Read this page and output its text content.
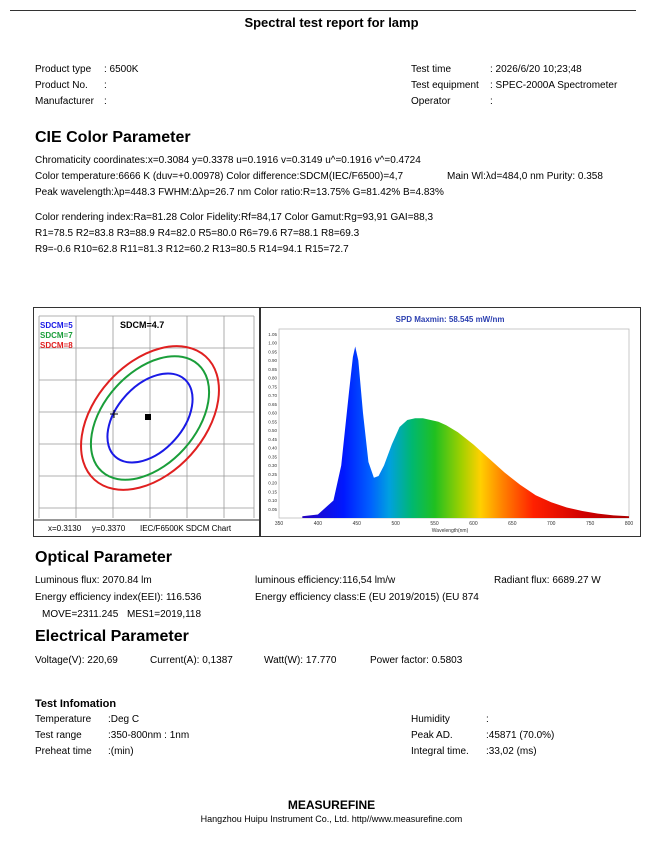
Spectral test report for lamp
Product type : 6500K
Product No. :
Manufacturer :
Test time	: 2026/6/20 10;23;48
Test equipment : SPEC-2000A Spectrometer
Operator	:
CIE Color Parameter
Chromaticity coordinates:x=0.3084 y=0.3378 u=0.1916 v=0.3149 u^=0.1916 v^=0.4724
Color temperature:6666 K (duv=+0.00978) Color difference:SDCM(IEC/F6500)=4,7	Main Wl:λd=484,0 nm Purity: 0.358
Peak wavelength:λp=448.3 FWHM:Δλp=26.7 nm Color ratio:R=13.75% G=81.42% B=4.83%
Color rendering index:Ra=81.28 Color Fidelity:Rf=84,17 Color Gamut:Rg=93,91 GAI=88,3
R1=78.5 R2=83.8 R3=88.9 R4=82.0 R5=80.0 R6=79.6 R7=88.1 R8=69.3
R9=-0.6 R10=62.8 R11=81.3 R12=60.2 R13=80.5 R14=94.1 R15=72.7
SDCM=5
SDCM=7
SDCM=8
SDCM=4.7
x=0.3130 y=0.3370 IEC/F6500K SDCM Chart
SPD Maxmin: 58.545 mW/nm
0.05
0.10
0.15
0.20
0.25
0.30
0.35
0.40
0.45
0.50
0.55
0.60
0.65
0.70
0.75
0.80
0.85
0.90
0.95
1.00
1.05
350	400	450	500	550	600	650	700	750	800
Wavelength(nm)
Optical Parameter
Luminous flux: 2070.84 lm	luminous efficiency:116,54 lm/w	Radiant flux: 6689.27 W
Energy efficiency index(EEI): 116.536	Energy efficiency class:E (EU 2019/2015) (EU 874
MOVE=2311.245 MES1=2019,118
Electrical Parameter
Voltage(V): 220,69	Current(A): 0,1387	Watt(W): 17.770	Power factor: 0.5803
Test Infomation
Temperature :Deg C
Test range	:350-800nm : 1nm
Preheat time :(min)
Humidity	:
Peak AD.	:45871 (70.0%)
Integral time. :33,02 (ms)
MEASUREFINE
Hangzhou Huipu Instrument Co., Ltd. http//www.measurefine.com
